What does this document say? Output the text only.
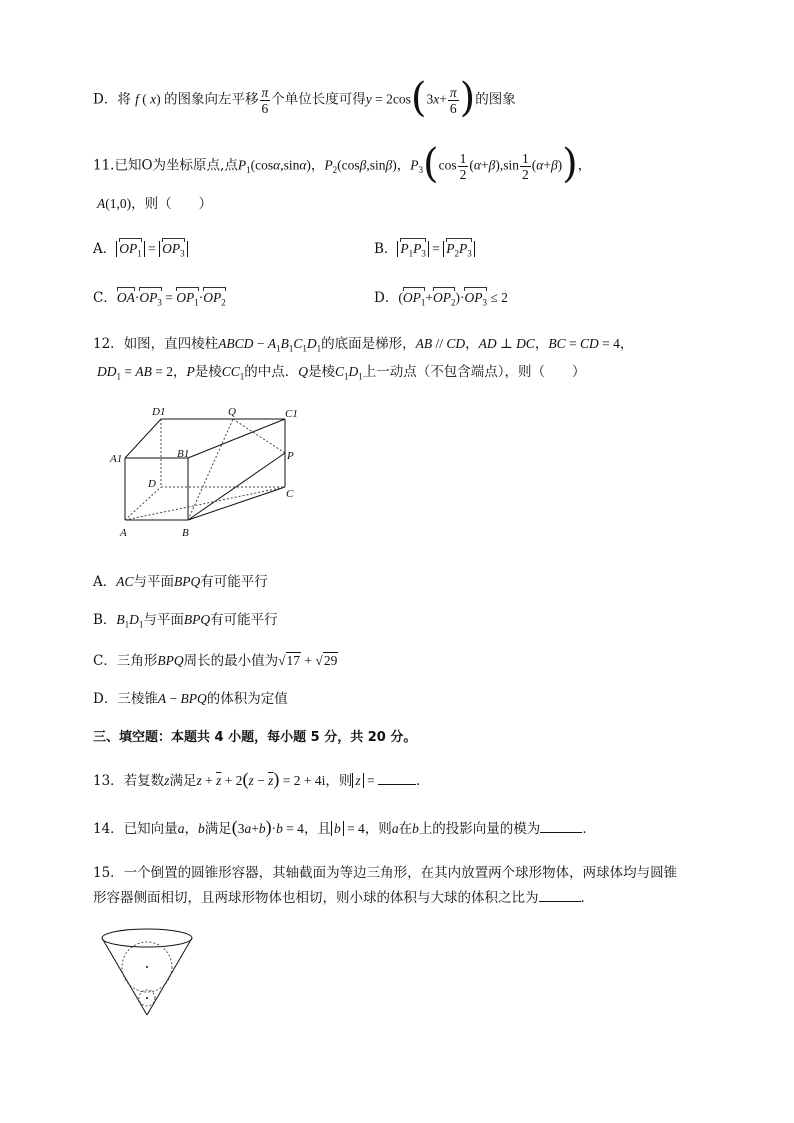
D．将 f ( x) 的图象向左平移 $\frac{\pi}{6}$ 个单位长度可得$y = 2\cos(3x+ \frac{\pi}{6}$ )的图象
11.已知O为坐标原点,点$P_1(\cos\alpha,\sin\alpha)$，$P_2(\cos\beta,\sin\beta)$，$P_3(\cos \frac{1}{2} (\alpha+\beta),\sin \frac{1}{2} (\alpha+\beta))$，
A(1,0)，则（　　）
A． $OP_1 = OP_3$	B． $P_1P_3 = P_2P_3$
C．$OA\cdot OP_3 = OP_1\cdot OP_2$	D．$(OP_1+OP_2)\cdot OP_3 \le 2$
12．如图，直四棱柱ABCD − $A_1B_1C_1D_1$的底面是梯形，AB // CD，AD ⊥ DC，BC = CD = 4，
$DD_1$ = AB = 2，P是棱$CC_1$的中点．Q是棱$C_1D_1$上一动点（不包含端点），则（　　）
D1	Q	C1
A1	B1	P
D
C
A	B
A．AC与平面BPQ有可能平行
B．$B_1D_1$与平面BPQ有可能平行
C．三角形BPQ周长的最小值为√17 + √29
D．三棱锥A − BPQ的体积为定值
三、填空题：本题共 4 小题，每小题 5 分，共 20 分。
13．若复数z满足$z + \overline{z} + 2(z - \overline{z}) = 2 + 4i$，则 z =	．
14．已知向量a，b满足(3a+b)·b = 4，且 b = 4，则a在b上的投影向量的模为	．
15．一个倒置的圆锥形容器，其轴截面为等边三角形，在其内放置两个球形物体，两球体均与圆锥
形容器侧面相切，且两球形物体也相切，则小球的体积与大球的体积之比为	．
